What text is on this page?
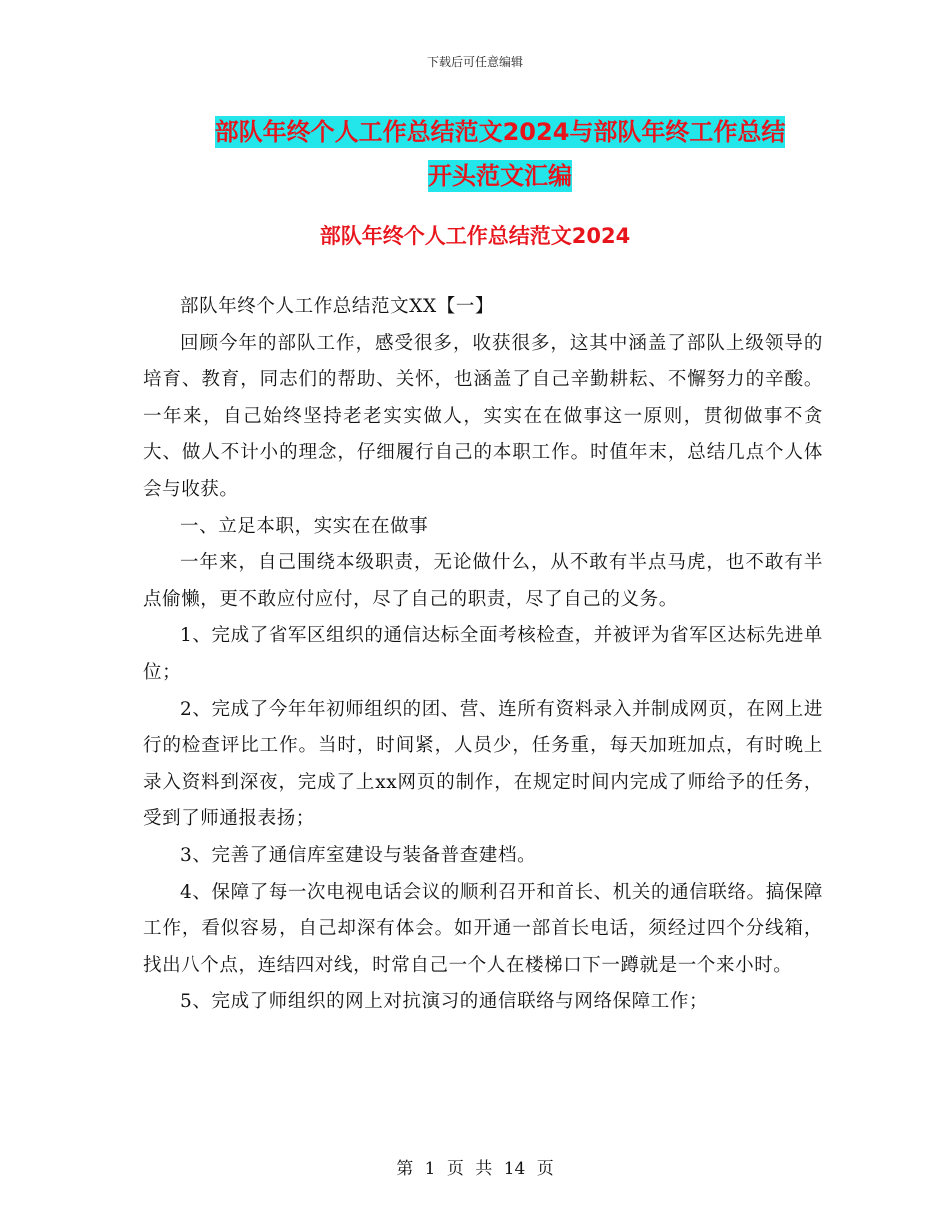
下载后可任意编辑
部队年终个人工作总结范文2024与部队年终工作总结
开头范文汇编
部队年终个人工作总结范文2024

部队年终个人工作总结范文XX【一】

回顾今年的部队工作，感受很多，收获很多，这其中涵盖了部队上级领导的培育、教育，同志们的帮助、关怀，也涵盖了自己辛勤耕耘、不懈努力的辛酸。一年来，自己始终坚持老老实实做人，实实在在做事这一原则，贯彻做事不贪大、做人不计小的理念，仔细履行自己的本职工作。时值年末，总结几点个人体会与收获。

一、立足本职，实实在在做事

一年来，自己围绕本级职责，无论做什么，从不敢有半点马虎，也不敢有半点偷懒，更不敢应付应付，尽了自己的职责，尽了自己的义务。

1、完成了省军区组织的通信达标全面考核检查，并被评为省军区达标先进单位；

2、完成了今年年初师组织的团、营、连所有资料录入并制成网页，在网上进行的检查评比工作。当时，时间紧，人员少，任务重，每天加班加点，有时晚上录入资料到深夜，完成了上xx网页的制作，在规定时间内完成了师给予的任务，受到了师通报表扬；

3、完善了通信库室建设与装备普查建档。

4、保障了每一次电视电话会议的顺利召开和首长、机关的通信联络。搞保障工作，看似容易，自己却深有体会。如开通一部首长电话，须经过四个分线箱，找出八个点，连结四对线，时常自己一个人在楼梯口下一蹲就是一个来小时。

5、完成了师组织的网上对抗演习的通信联络与网络保障工作；

第 1 页 共 14 页
